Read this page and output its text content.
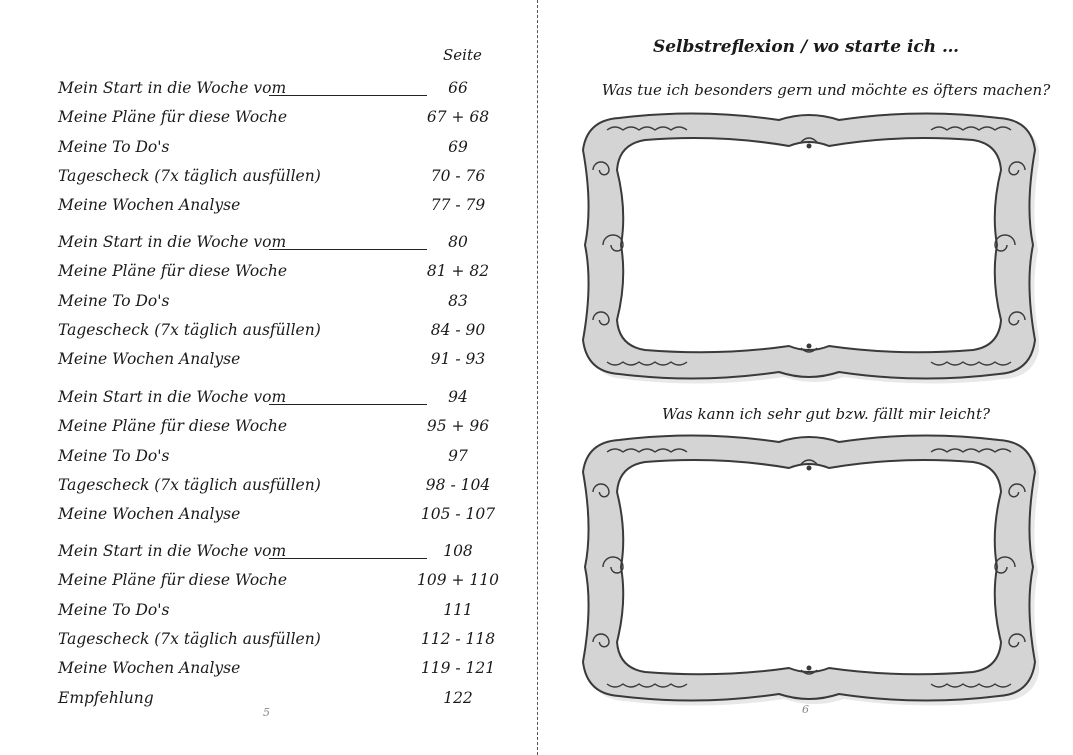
Seite
Mein Start in die Woche vom	66
Meine Pläne für diese Woche	67 + 68
Meine To Do's	69
Tagescheck (7x täglich ausfüllen)	70 - 76
Meine Wochen Analyse	77 - 79
Mein Start in die Woche vom	80
Meine Pläne für diese Woche	81 + 82
Meine To Do's	83
Tagescheck (7x täglich ausfüllen)	84 - 90
Meine Wochen Analyse	91 - 93
Mein Start in die Woche vom	94
Meine Pläne für diese Woche	95 + 96
Meine To Do's	97
Tagescheck (7x täglich ausfüllen)	98 - 104
Meine Wochen Analyse	105 - 107
Mein Start in die Woche vom	108
Meine Pläne für diese Woche	109 + 110
Meine To Do's	111
Tagescheck (7x täglich ausfüllen)	112 - 118
Meine Wochen Analyse	119 - 121
Empfehlung	122
5
Selbstreflexion / wo starte ich …
Was tue ich besonders gern und möchte es öfters machen?
Was kann ich sehr gut bzw. fällt mir leicht?
6
